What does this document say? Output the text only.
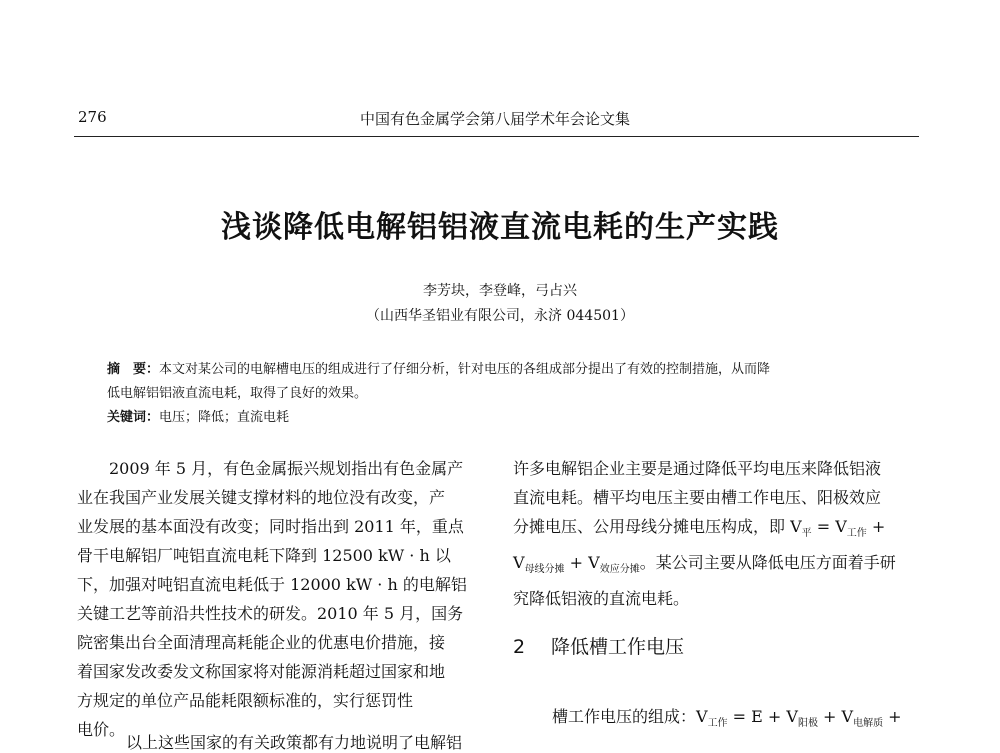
276	中国有色金属学会第八届学术年会论文集
浅谈降低电解铝铝液直流电耗的生产实践
李芳块，李登峰，弓占兴
（山西华圣铝业有限公司，永济 044501）
摘　要：本文对某公司的电解槽电压的组成进行了仔细分析，针对电压的各组成部分提出了有效的控制措施，从而降
低电解铝铝液直流电耗，取得了良好的效果。
关键词：电压；降低；直流电耗
　　2009 年 5 月，有色金属振兴规划指出有色金属产
业在我国产业发展关键支撑材料的地位没有改变，产
业发展的基本面没有改变；同时指出到 2011 年，重点
骨干电解铝厂吨铝直流电耗下降到 12500 kW · h 以
下，加强对吨铝直流电耗低于 12000 kW · h 的电解铝
关键工艺等前沿共性技术的研发。2010 年 5 月，国务
院密集出台全面清理高耗能企业的优惠电价措施，接
着国家发改委发文称国家将对能源消耗超过国家和地
方规定的单位产品能耗限额标准的，实行惩罚性
电价。
　以上这些国家的有关政策都有力地说明了电解铝
许多电解铝企业主要是通过降低平均电压来降低铝液
直流电耗。槽平均电压主要由槽工作电压、阳极效应
分摊电压、公用母线分摊电压构成，即 $V_平 = V_{工作}$ +
$V_{母线分摊} + V_{效应分摊}$。某公司主要从降低电压方面着手研
究降低铝液的直流电耗。
2 降低槽工作电压
槽工作电压的组成：$V_{工作} = E + V_{阳极} + V_{电解质}$ +
